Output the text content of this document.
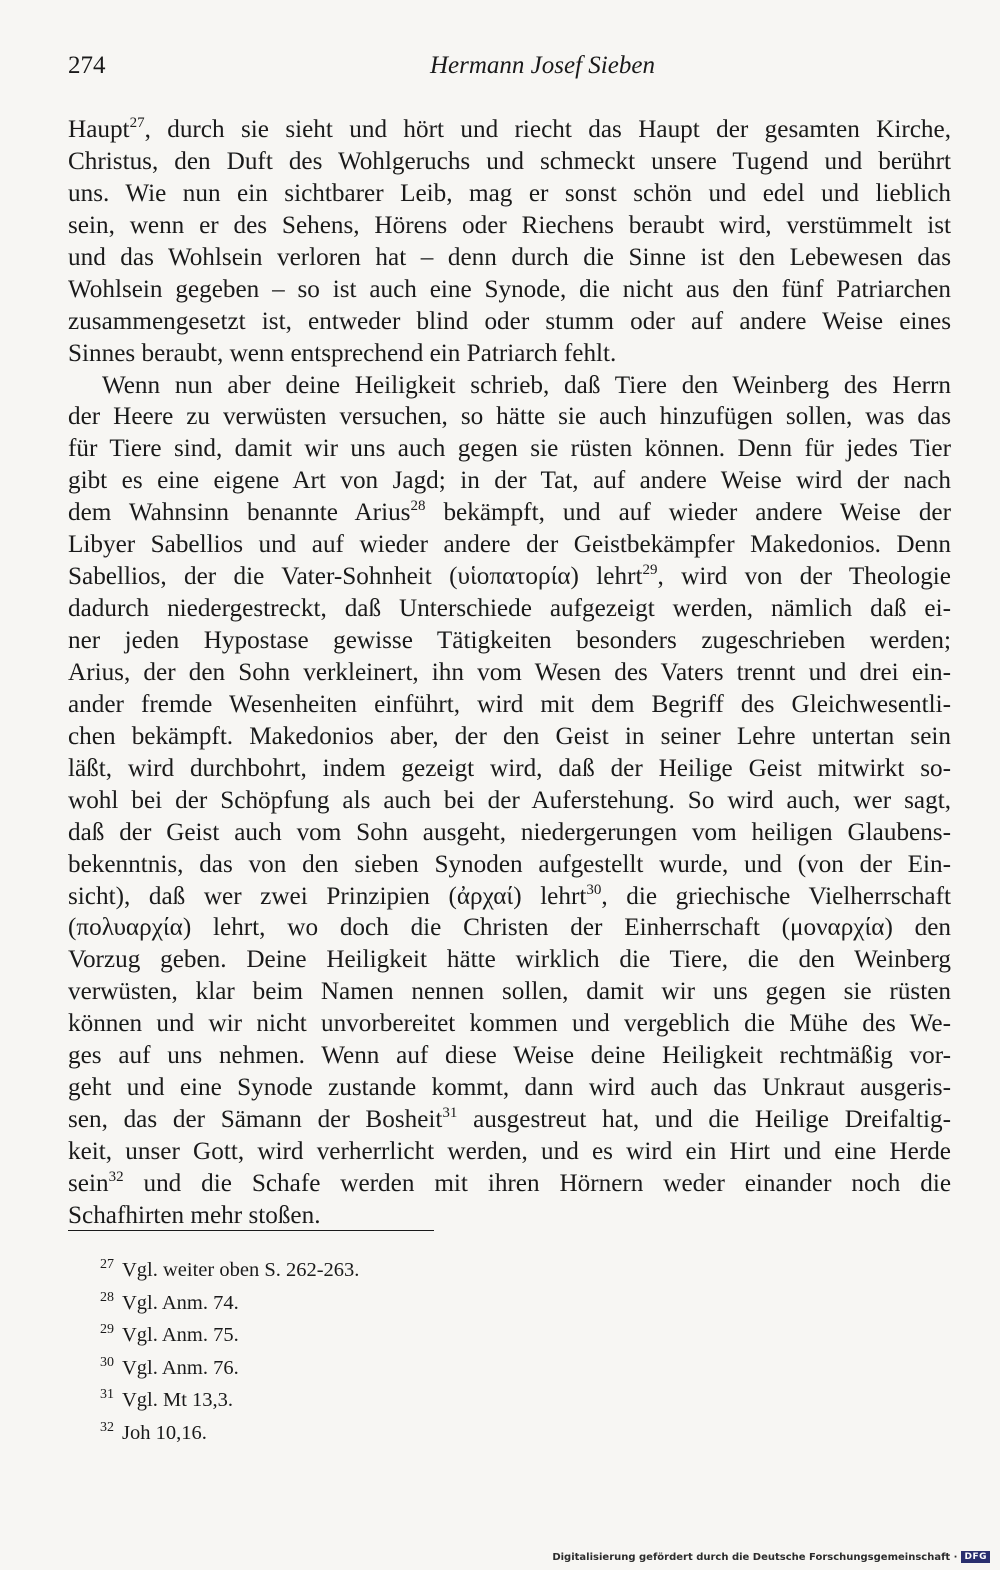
274	Hermann Josef Sieben
Haupt$^{27}$, durch sie sieht und hört und riecht das Haupt der gesamten Kirche,
Christus, den Duft des Wohlgeruchs und schmeckt unsere Tugend und berührt
uns. Wie nun ein sichtbarer Leib, mag er sonst schön und edel und lieblich
sein, wenn er des Sehens, Hörens oder Riechens beraubt wird, verstümmelt ist
und das Wohlsein verloren hat – denn durch die Sinne ist den Lebewesen das
Wohlsein gegeben – so ist auch eine Synode, die nicht aus den fünf Patriarchen
zusammengesetzt ist, entweder blind oder stumm oder auf andere Weise eines
Sinnes beraubt, wenn entsprechend ein Patriarch fehlt.
Wenn nun aber deine Heiligkeit schrieb, daß Tiere den Weinberg des Herrn
der Heere zu verwüsten versuchen, so hätte sie auch hinzufügen sollen, was das
für Tiere sind, damit wir uns auch gegen sie rüsten können. Denn für jedes Tier
gibt es eine eigene Art von Jagd; in der Tat, auf andere Weise wird der nach
dem Wahnsinn benannte Arius$^{28}$ bekämpft, und auf wieder andere Weise der
Libyer Sabellios und auf wieder andere der Geistbekämpfer Makedonios. Denn
Sabellios, der die Vater-Sohnheit (υἱοπατορία) lehrt$^{29}$, wird von der Theologie
dadurch niedergestreckt, daß Unterschiede aufgezeigt werden, nämlich daß ei-
ner jeden Hypostase gewisse Tätigkeiten besonders zugeschrieben werden;
Arius, der den Sohn verkleinert, ihn vom Wesen des Vaters trennt und drei ein-
ander fremde Wesenheiten einführt, wird mit dem Begriff des Gleichwesentli-
chen bekämpft. Makedonios aber, der den Geist in seiner Lehre untertan sein
läßt, wird durchbohrt, indem gezeigt wird, daß der Heilige Geist mitwirkt so-
wohl bei der Schöpfung als auch bei der Auferstehung. So wird auch, wer sagt,
daß der Geist auch vom Sohn ausgeht, niedergerungen vom heiligen Glaubens-
bekenntnis, das von den sieben Synoden aufgestellt wurde, und (von der Ein-
sicht), daß wer zwei Prinzipien (ἀρχαί) lehrt$^{30}$, die griechische Vielherrschaft
(πολυαρχία) lehrt, wo doch die Christen der Einherrschaft (μοναρχία) den
Vorzug geben. Deine Heiligkeit hätte wirklich die Tiere, die den Weinberg
verwüsten, klar beim Namen nennen sollen, damit wir uns gegen sie rüsten
können und wir nicht unvorbereitet kommen und vergeblich die Mühe des We-
ges auf uns nehmen. Wenn auf diese Weise deine Heiligkeit rechtmäßig vor-
geht und eine Synode zustande kommt, dann wird auch das Unkraut ausgeris-
sen, das der Sämann der Bosheit$^{31}$ ausgestreut hat, und die Heilige Dreifaltig-
keit, unser Gott, wird verherrlicht werden, und es wird ein Hirt und eine Herde
sein$^{32}$ und die Schafe werden mit ihren Hörnern weder einander noch die
Schafhirten mehr stoßen.
$^{27}$ Vgl. weiter oben S. 262-263.
$^{28}$ Vgl. Anm. 74.
$^{29}$ Vgl. Anm. 75.
$^{30}$ Vgl. Anm. 76.
$^{31}$ Vgl. Mt 13,3.
$^{32}$ Joh 10,16.
Digitalisierung gefördert durch die Deutsche Forschungsgemeinschaft · DFG
